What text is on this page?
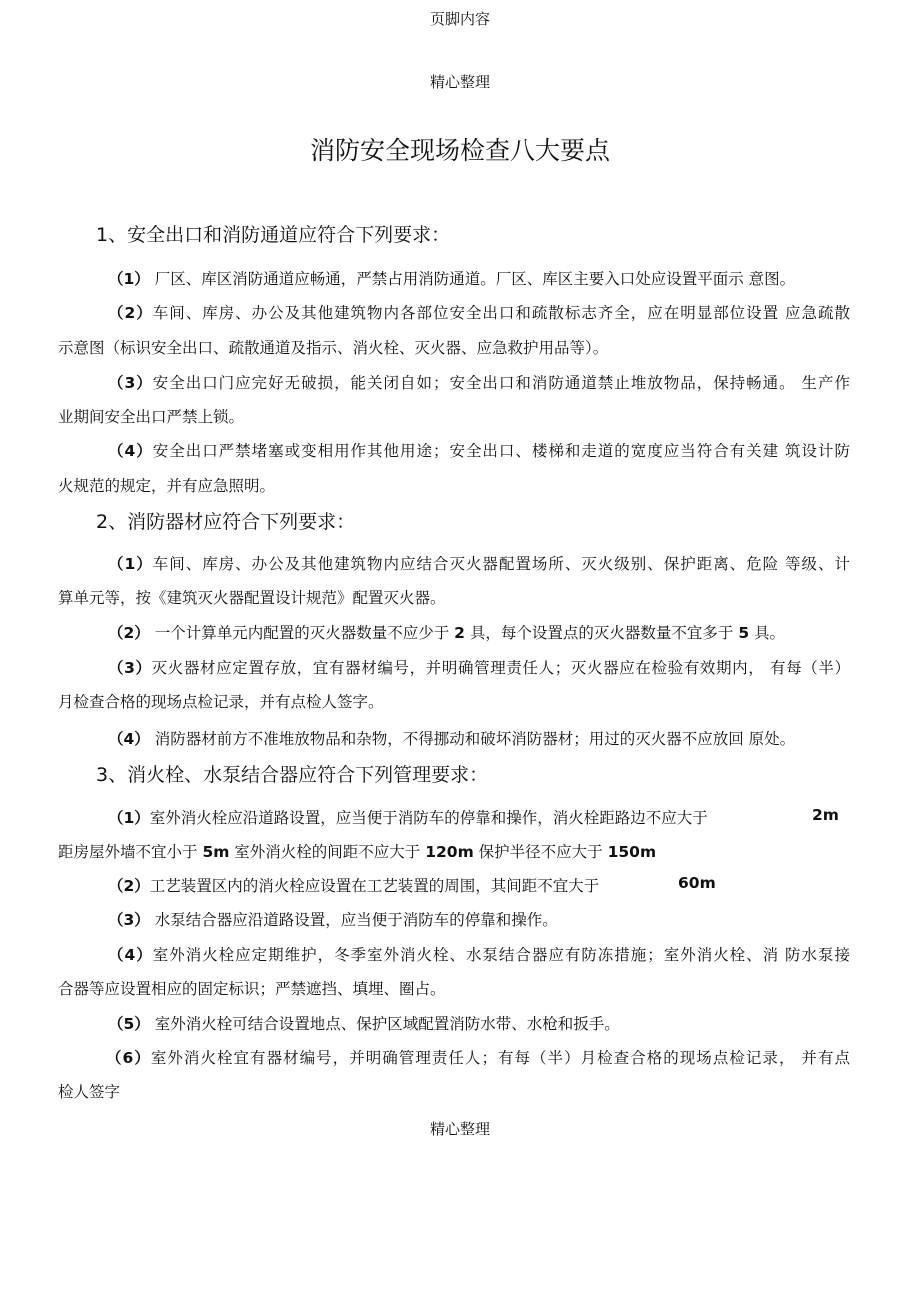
页脚内容
精心整理
消防安全现场检查八大要点
1、安全出口和消防通道应符合下列要求：
（1） 厂区、库区消防通道应畅通，严禁占用消防通道。厂区、库区主要入口处应设置平面示 意图。
（2）车间、库房、办公及其他建筑物内各部位安全出口和疏散标志齐全，应在明显部位设置 应急疏散
示意图（标识安全出口、疏散通道及指示、消火栓、灭火器、应急救护用品等）。
（3）安全出口门应完好无破损，能关闭自如；安全出口和消防通道禁止堆放物品，保持畅通。 生产作
业期间安全出口严禁上锁。
（4）安全出口严禁堵塞或变相用作其他用途；安全出口、楼梯和走道的宽度应当符合有关建 筑设计防
火规范的规定，并有应急照明。
2、消防器材应符合下列要求：
（1）车间、库房、办公及其他建筑物内应结合灭火器配置场所、灭火级别、保护距离、危险 等级、计
算单元等，按《建筑灭火器配置设计规范》配置灭火器。
（2） 一个计算单元内配置的灭火器数量不应少于 2 具，每个设置点的灭火器数量不宜多于 5 具。
（3）灭火器材应定置存放，宜有器材编号，并明确管理责任人；灭火器应在检验有效期内， 有每（半）
月检查合格的现场点检记录，并有点检人签字。
（4） 消防器材前方不准堆放物品和杂物，不得挪动和破坏消防器材；用过的灭火器不应放回 原处。
3、消火栓、水泵结合器应符合下列管理要求：
（1）室外消火栓应沿道路设置，应当便于消防车的停靠和操作，消火栓距路边不应大于	2m
距房屋外墙不宜小于 5m 室外消火栓的间距不应大于 120m 保护半径不应大于 150m
（2）工艺装置区内的消火栓应设置在工艺装置的周围，其间距不宜大于	60m
（3） 水泵结合器应沿道路设置，应当便于消防车的停靠和操作。
（4）室外消火栓应定期维护，冬季室外消火栓、水泵结合器应有防冻措施；室外消火栓、消 防水泵接
合器等应设置相应的固定标识；严禁遮挡、填埋、圈占。
（5） 室外消火栓可结合设置地点、保护区域配置消防水带、水枪和扳手。
（6）室外消火栓宜有器材编号，并明确管理责任人；有每（半）月检查合格的现场点检记录， 并有点
检人签字
精心整理
